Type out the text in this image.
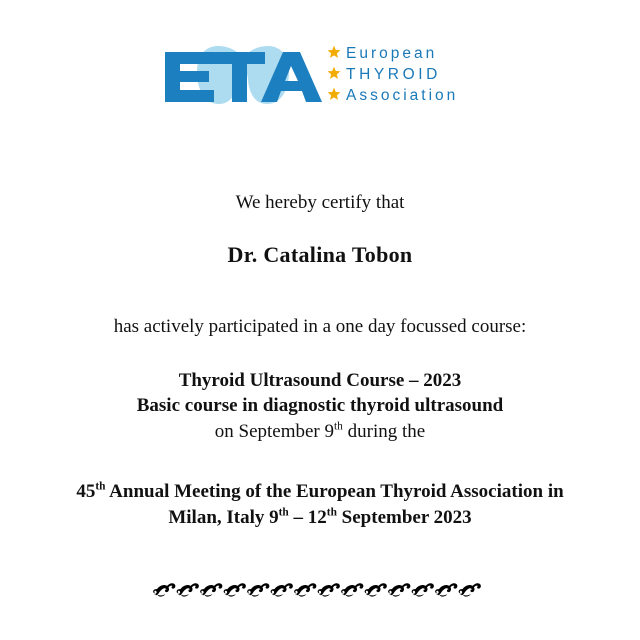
European
THYROID
Association
We hereby certify that
Dr. Catalina Tobon
has actively participated in a one day focussed course:
Thyroid Ultrasound Course – 2023
Basic course in diagnostic thyroid ultrasound
on September 9th during the
45th Annual Meeting of the European Thyroid Association in
Milan, Italy 9th – 12th September 2023
